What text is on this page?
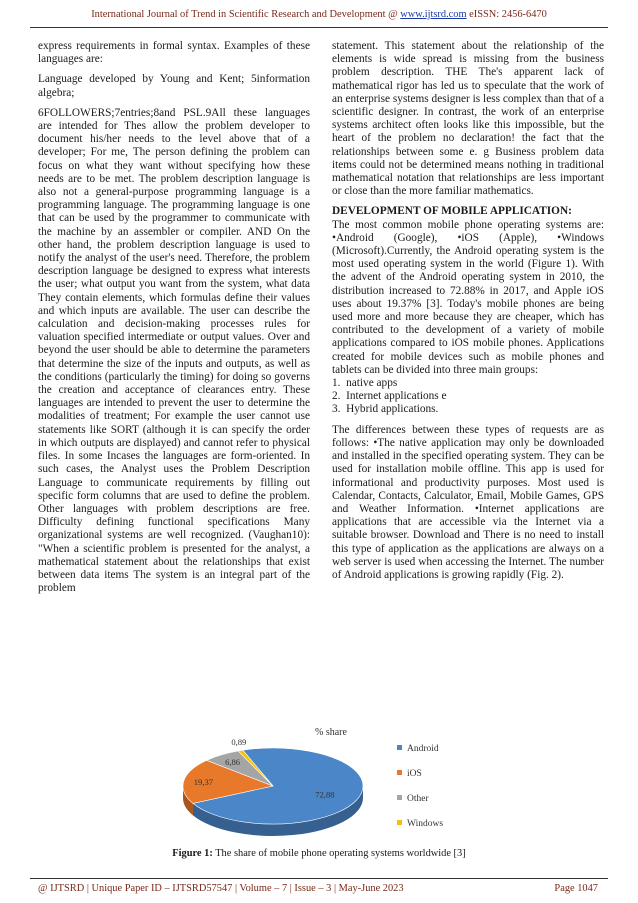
International Journal of Trend in Scientific Research and Development @ www.ijtsrd.com eISSN: 2456-6470

express requirements in formal syntax. Examples of these languages are:

Language developed by Young and Kent; 5information algebra;

6FOLLOWERS;7entries;8and PSL.9All these languages are intended for Thes allow the problem developer to document his/her needs to the level above that of a developer; For me, The person defining the problem can focus on what they want without specifying how these needs are to be met. The problem description language is also not a general-purpose programming language is a programming language. The programming language is one that can be used by the programmer to communicate with the machine by an assembler or compiler. AND On the other hand, the problem description language is used to notify the analyst of the user's need. Therefore, the problem description language be designed to express what interests the user; what output you want from the system, what data They contain elements, which formulas define their values and which inputs are available. The user can describe the calculation and decision-making processes rules for valuation specified intermediate or output values. Over and beyond the user should be able to determine the parameters that determine the size of the inputs and outputs, as well as the conditions (particularly the timing) for doing so governs the creation and acceptance of clearances entry. These languages are intended to prevent the user to determine the modalities of treatment; For example the user cannot use statements like SORT (although it is can specify the order in which outputs are displayed) and cannot refer to physical files. In some Incases the languages are form-oriented. In such cases, the Analyst uses the Problem Description Language to communicate requirements by filling out specific form columns that are used to define the problem. Other languages with problem descriptions are free. Difficulty defining functional specifications Many organizational systems are well recognized. (Vaughan10): "When a scientific problem is presented for the analyst, a mathematical statement about the relationships that exist between data items The system is an integral part of the problem

statement. This statement about the relationship of the elements is wide spread is missing from the business problem description. THE The's apparent lack of mathematical rigor has led us to speculate that the work of an enterprise systems designer is less complex than that of a scientific designer. In contrast, the work of an enterprise systems architect often looks like this impossible, but the heart of the problem no declaration! the fact that the relationships between some e. g Business problem data items could not be determined means nothing in traditional mathematical notation that relationships are less important or close than the more familiar mathematics.

DEVELOPMENT OF MOBILE APPLICATION:

The most common mobile phone operating systems are: •Android (Google), •iOS (Apple), •Windows (Microsoft).Currently, the Android operating system is the most used operating system in the world (Figure 1). With the advent of the Android operating system in 2010, the distribution increased to 72.88% in 2017, and Apple iOS uses about 19.37% [3]. Today's mobile phones are being used more and more because they are cheaper, which has contributed to the development of a variety of mobile applications compared to iOS mobile phones. Applications created for mobile devices such as mobile phones and tablets can be divided into three main groups:

1.  native apps
2.  Internet applications e
3.  Hybrid applications.

The differences between these types of requests are as follows: •The native application may only be downloaded and installed in the specified operating system. They can be used for installation mobile offline. This app is used for informational and productivity purposes. Most used is Calendar, Contacts, Calculator, Email, Mobile Games, GPS and Weather Information. •Internet applications are applications that are accessible via the Internet via a suitable browser. Download and There is no need to install this type of application as the applications are always on a web server is used when accessing the Internet. The number of Android applications is growing rapidly (Fig. 2).

72,88
19,37
6,86
0,89
% share
Android
iOS
Other
Windows
Figure 1: The share of mobile phone operating systems worldwide [3]
@ IJTSRD | Unique Paper ID – IJTSRD57547 | Volume – 7 | Issue – 3 | May-June 2023	Page 1047
